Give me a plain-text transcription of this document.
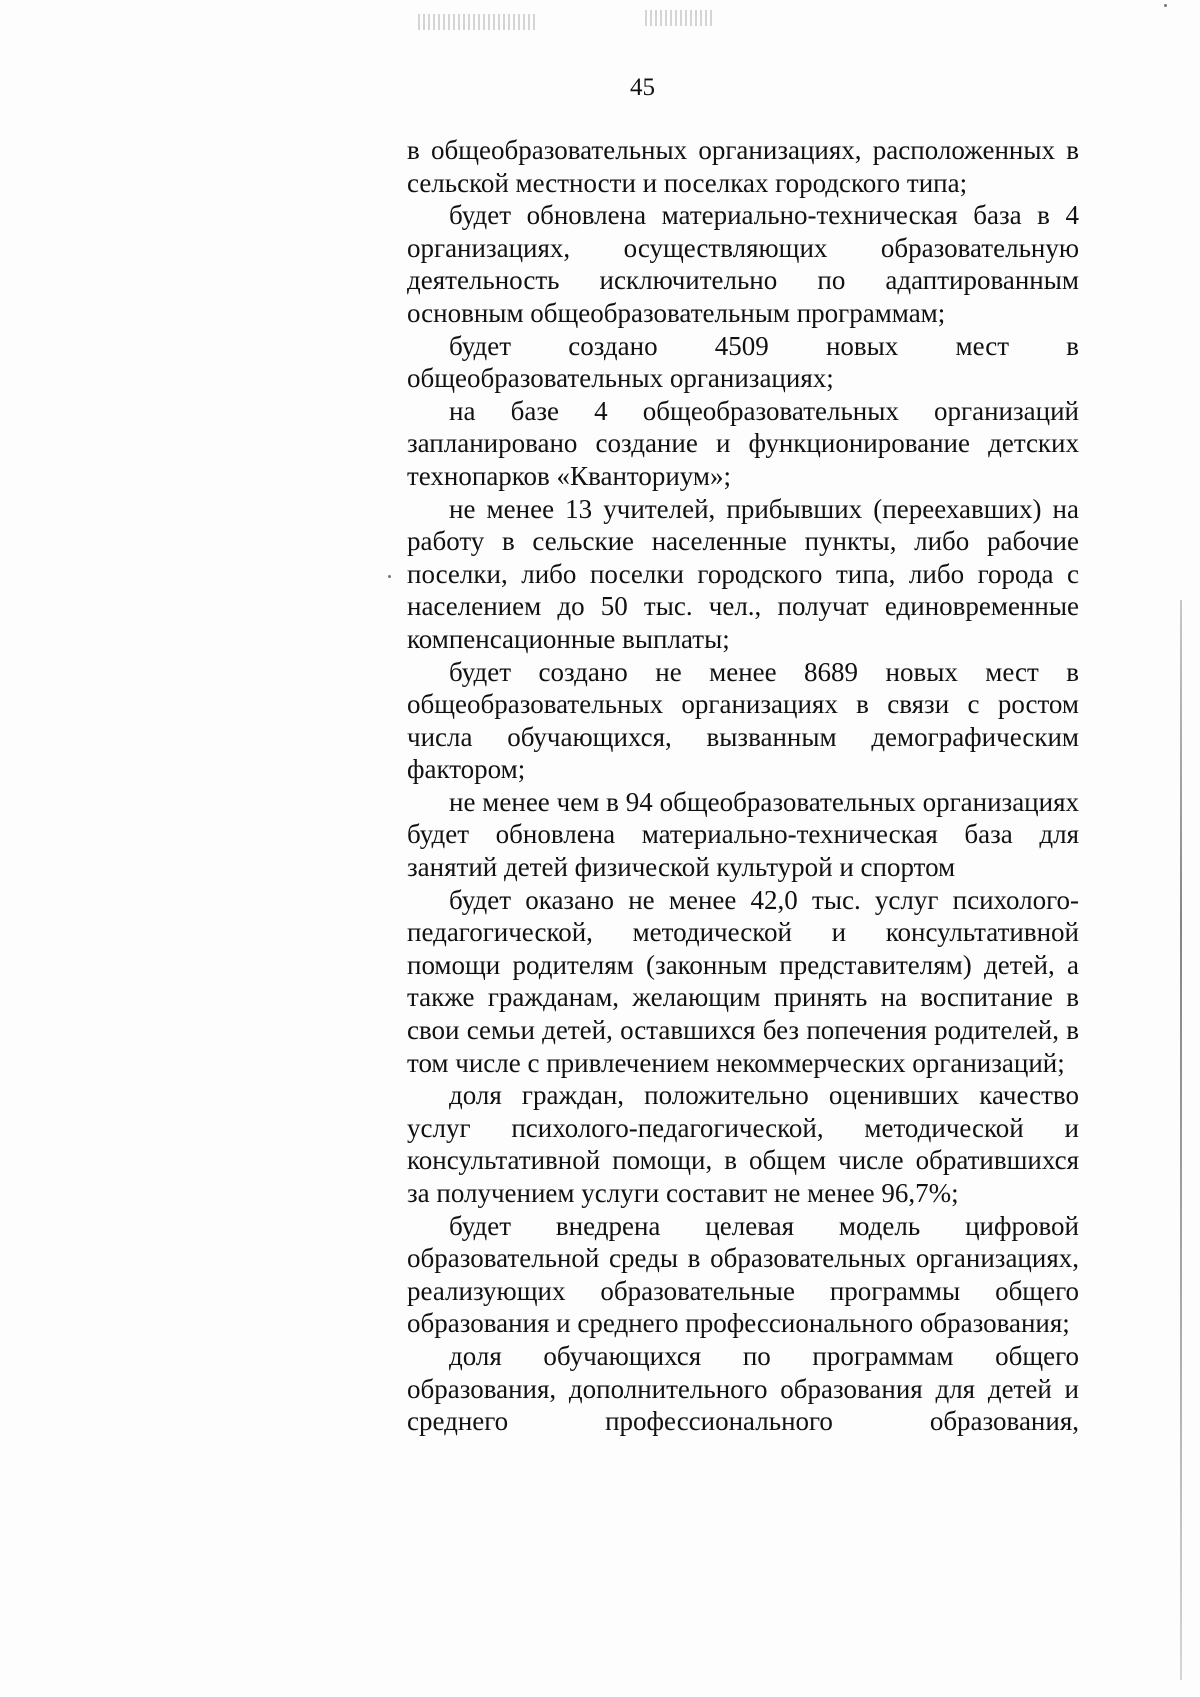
45

в общеобразовательных организациях, расположенных в сельской местности и поселках городского типа;

будет обновлена материально-техническая база в 4 организациях, осуществляющих образовательную деятельность исключительно по адаптированным основным общеобразовательным программам;

будет создано 4509 новых мест в общеобразовательных организациях;

на базе 4 общеобразовательных организаций запланировано создание и функционирование детских технопарков «Кванториум»;

не менее 13 учителей, прибывших (переехавших) на работу в сельские населенные пункты, либо рабочие поселки, либо поселки городского типа, либо города с населением до 50 тыс. чел., получат единовременные компенсационные выплаты;

будет создано не менее 8689 новых мест в общеобразовательных организациях в связи с ростом числа обучающихся, вызванным демографическим фактором;

не менее чем в 94 общеобразовательных организациях будет обновлена материально-техническая база для занятий детей физической культурой и спортом

будет оказано не менее 42,0 тыс. услуг психолого-педагогической, методической и консультативной помощи родителям (законным представителям) детей, а также гражданам, желающим принять на воспитание в свои семьи детей, оставшихся без попечения родителей, в том числе с привлечением некоммерческих организаций;

доля граждан, положительно оценивших качество услуг психолого-педагогической, методической и консультативной помощи, в общем числе обратившихся за получением услуги составит не менее 96,7%;

будет внедрена целевая модель цифровой образовательной среды в образовательных организациях, реализующих образовательные программы общего образования и среднего профессионального образования;

доля обучающихся по программам общего образования, дополнительного образования для детей и среднего профессионального образования,
